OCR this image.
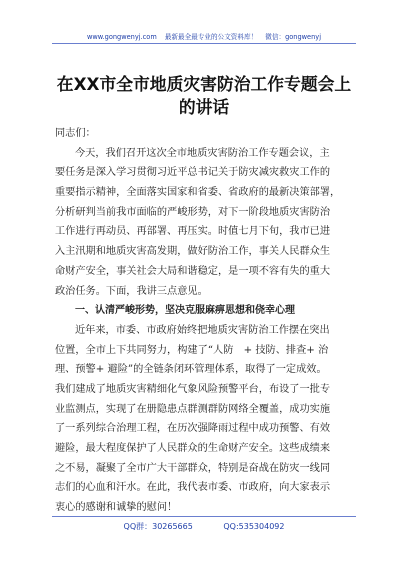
www.gongwenyj.com 最新最全最专业的公文资料库！ 微信：gongwenyj
在XX市全市地质灾害防治工作专题会上
的讲话
同志们：
今天，我们召开这次全市地质灾害防治工作专题会议，主
要任务是深入学习贯彻习近平总书记关于防灾减灾救灾工作的
重要指示精神，全面落实国家和省委、省政府的最新决策部署，
分析研判当前我市面临的严峻形势，对下一阶段地质灾害防治
工作进行再动员、再部署、再压实。时值七月下旬，我市已进
入主汛期和地质灾害高发期，做好防治工作，事关人民群众生
命财产安全，事关社会大局和谐稳定，是一项不容有失的重大
政治任务。下面，我讲三点意见。
一、认清严峻形势，坚决克服麻痹思想和侥幸心理
近年来，市委、市政府始终把地质灾害防治工作摆在突出
位置，全市上下共同努力，构建了“人防　+ 技防、排查+ 治
理、预警+ 避险”的全链条闭环管理体系，取得了一定成效。
我们建成了地质灾害精细化气象风险预警平台，布设了一批专
业监测点，实现了在册隐患点群测群防网络全覆盖，成功实施
了一系列综合治理工程，在历次强降雨过程中成功预警、有效
避险，最大程度保护了人民群众的生命财产安全。这些成绩来
之不易，凝聚了全市广大干部群众，特别是奋战在防灾一线同
志们的心血和汗水。在此，我代表市委、市政府，向大家表示
衷心的感谢和诚挚的慰问！
QQ群：30265665	QQ:535304092
